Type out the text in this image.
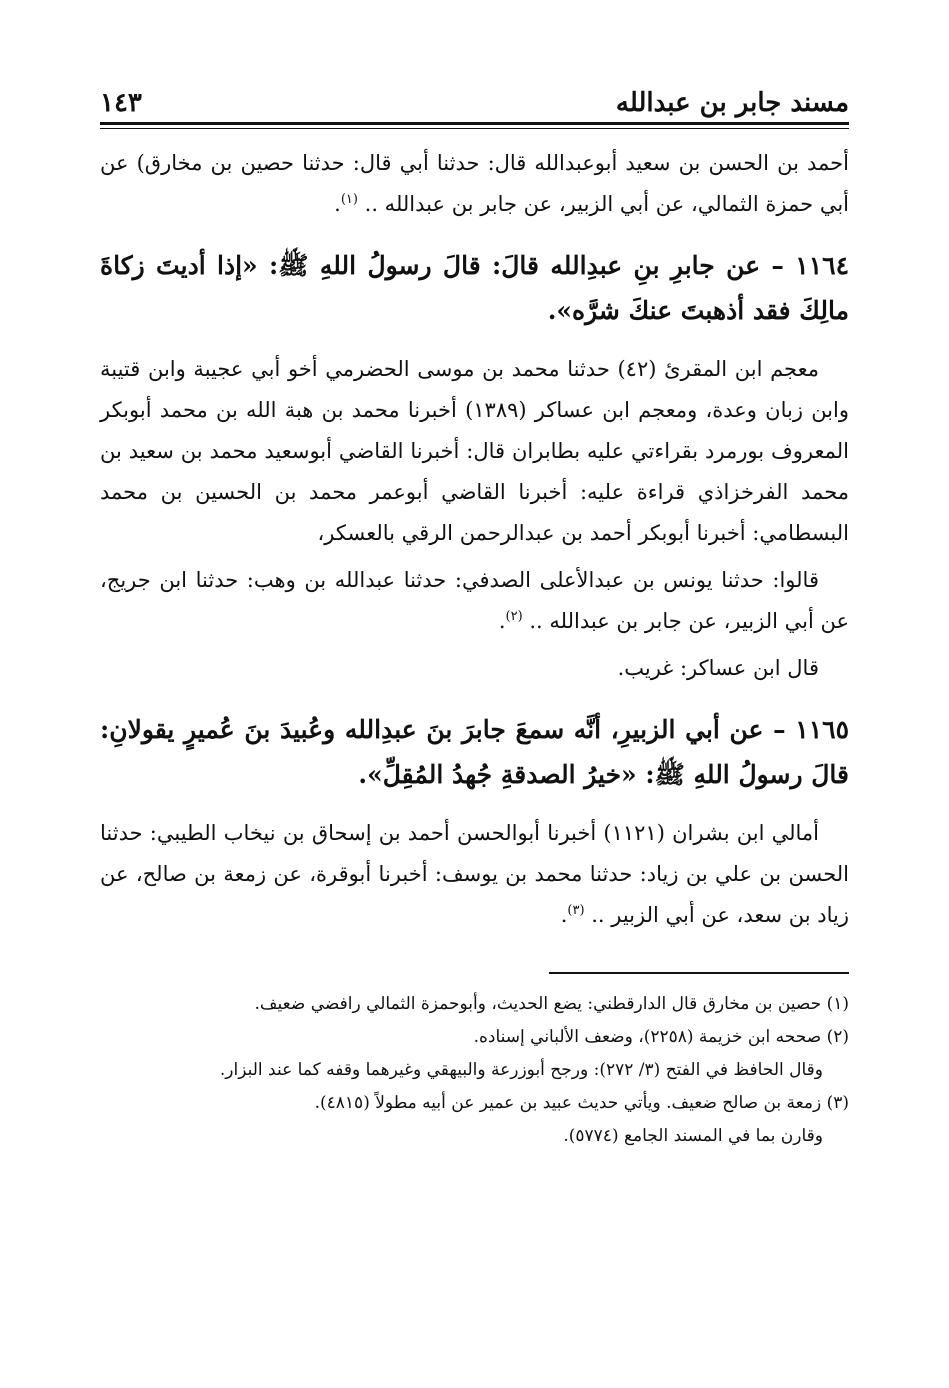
مسند جابر بن عبدالله
١٤٣

أحمد بن الحسن بن سعيد أبوعبدالله قال: حدثنا أبي قال: حدثنا حصين بن مخارق) عن أبي حمزة الثمالي، عن أبي الزبير، عن جابر بن عبدالله .. $^{(١)}$.

١١٦٤ – عن جابرِ بنِ عبدِالله قالَ: قالَ رسولُ اللهِ ﷺ: «إذا أديتَ زكاةَ مالِكَ فقد أذهبتَ عنكَ شرَّه».

معجم ابن المقرئ (٤٢) حدثنا محمد بن موسى الحضرمي أخو أبي عجيبة وابن قتيبة وابن زبان وعدة، ومعجم ابن عساكر (١٣٨٩) أخبرنا محمد بن هبة الله بن محمد أبوبكر المعروف بورمرد بقراءتي عليه بطابران قال: أخبرنا القاضي أبوسعيد محمد بن سعيد بن محمد الفرخزاذي قراءة عليه: أخبرنا القاضي أبوعمر محمد بن الحسين بن محمد البسطامي: أخبرنا أبوبكر أحمد بن عبدالرحمن الرقي بالعسكر،

قالوا: حدثنا يونس بن عبدالأعلى الصدفي: حدثنا عبدالله بن وهب: حدثنا ابن جريج، عن أبي الزبير، عن جابر بن عبدالله .. $^{(٢)}$.

قال ابن عساكر: غريب.

١١٦٥ – عن أبي الزبيرِ، أنَّه سمعَ جابرَ بنَ عبدِالله وعُبيدَ بنَ عُميرٍ يقولانِ: قالَ رسولُ اللهِ ﷺ: «خيرُ الصدقةِ جُهدُ المُقِلِّ».

أمالي ابن بشران (١١٢١) أخبرنا أبوالحسن أحمد بن إسحاق بن نيخاب الطيبي: حدثنا الحسن بن علي بن زياد: حدثنا محمد بن يوسف: أخبرنا أبوقرة، عن زمعة بن صالح، عن زياد بن سعد، عن أبي الزبير .. $^{(٣)}$.

(١) حصين بن مخارق قال الدارقطني: يضع الحديث، وأبوحمزة الثمالي رافضي ضعيف.

(٢) صححه ابن خزيمة (٢٢٥٨)، وضعف الألباني إسناده.

وقال الحافظ في الفتح (٣/ ٢٧٢): ورجح أبوزرعة والبيهقي وغيرهما وقفه كما عند البزار.

(٣) زمعة بن صالح ضعيف. ويأتي حديث عبيد بن عمير عن أبيه مطولاً (٤٨١٥).

وقارن بما في المسند الجامع (٥٧٧٤).
